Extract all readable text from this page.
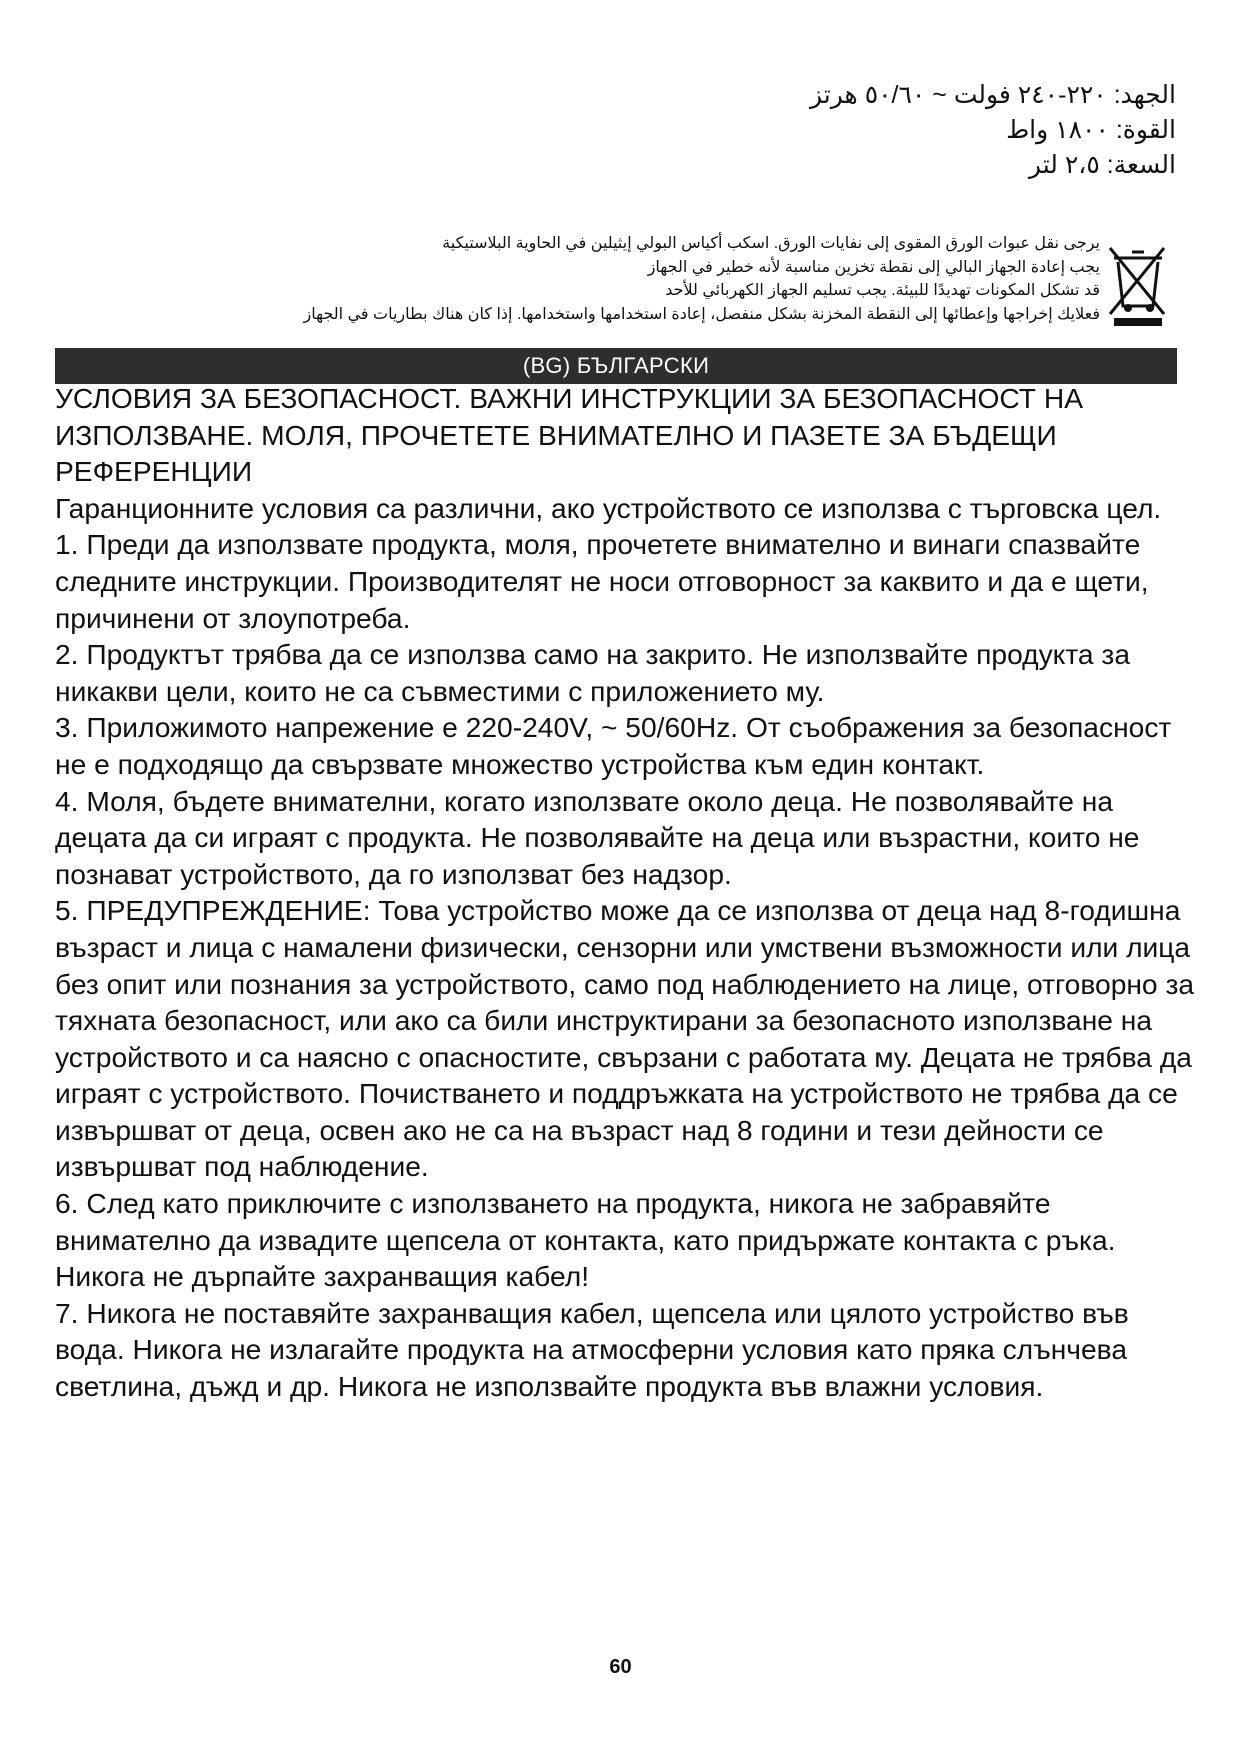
الجهد: ٢٢٠-٢٤٠ فولت ~ ٥٠/٦٠ هرتز
القوة: ١٨٠٠ واط
السعة: ٢،٥ لتر
يرجى نقل عبوات الورق المقوى إلى نفايات الورق. اسكب أكياس البولي إيثيلين في الحاوية البلاستيكية
يجب إعادة الجهاز البالي إلى نقطة تخزين مناسبة لأنه خطير في الجهاز
قد تشكل المكونات تهديدًا للبيئة. يجب تسليم الجهاز الكهربائي للأحد
فعلايك إخراجها وإعطائها إلى النقطة المخزنة بشكل منفصل، إعادة استخدامها واستخدامها. إذا كان هناك بطاريات في الجهاز
(BG) БЪЛГАРСКИ

УСЛОВИЯ ЗА БЕЗОПАСНОСТ. ВАЖНИ ИНСТРУКЦИИ ЗА БЕЗОПАСНОСТ НА ИЗПОЛЗВАНЕ. МОЛЯ, ПРОЧЕТЕТЕ ВНИМАТЕЛНО И ПАЗЕТЕ ЗА БЪДЕЩИ РЕФЕРЕНЦИИ

Гаранционните условия са различни, ако устройството се използва с търговска цел.

1. Преди да използвате продукта, моля, прочетете внимателно и винаги спазвайте следните инструкции. Производителят не носи отговорност за каквито и да е щети, причинени от злоупотреба.

2. Продуктът трябва да се използва само на закрито. Не използвайте продукта за никакви цели, които не са съвместими с приложението му.

3. Приложимото напрежение е 220-240V, ~ 50/60Hz. От съображения за безопасност не е подходящо да свързвате множество устройства към един контакт.

4. Моля, бъдете внимателни, когато използвате около деца. Не позволявайте на децата да си играят с продукта. Не позволявайте на деца или възрастни, които не познават устройството, да го използват без надзор.

5. ПРЕДУПРЕЖДЕНИЕ: Това устройство може да се използва от деца над 8-годишна възраст и лица с намалени физически, сензорни или умствени възможности или лица без опит или познания за устройството, само под наблюдението на лице, отговорно за тяхната безопасност, или ако са били инструктирани за безопасното използване на устройството и са наясно с опасностите, свързани с работата му. Децата не трябва да играят с устройството. Почистването и поддръжката на устройството не трябва да се извършват от деца, освен ако не са на възраст над 8 години и тези дейности се извършват под наблюдение.

6. След като приключите с използването на продукта, никога не забравяйте внимателно да извадите щепсела от контакта, като придържате контакта с ръка. Никога не дърпайте захранващия кабел!

7. Никога не поставяйте захранващия кабел, щепсела или цялото устройство във вода. Никога не излагайте продукта на атмосферни условия като пряка слънчева светлина, дъжд и др. Никога не използвайте продукта във влажни условия.

60
